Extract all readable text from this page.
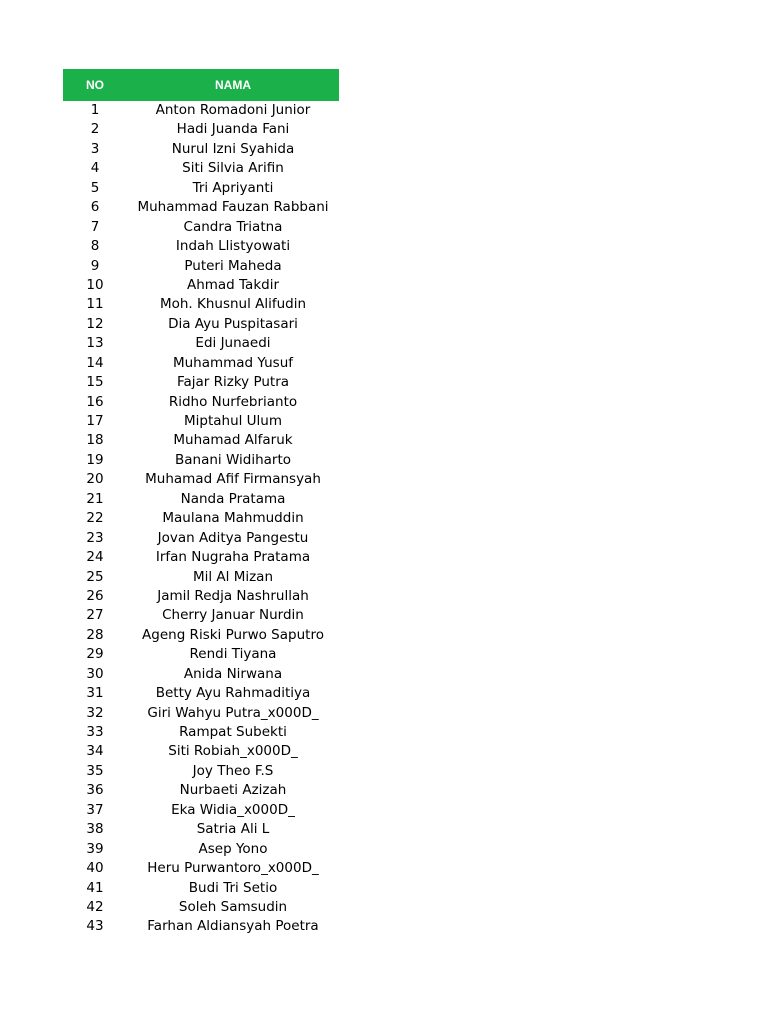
NO	NAMA
1	Anton Romadoni Junior
2	Hadi Juanda Fani
3	Nurul Izni Syahida
4	Siti Silvia Arifin
5	Tri Apriyanti
6	Muhammad Fauzan Rabbani
7	Candra Triatna
8	Indah Llistyowati
9	Puteri Maheda
10	Ahmad Takdir
11	Moh. Khusnul Alifudin
12	Dia Ayu Puspitasari
13	Edi Junaedi
14	Muhammad Yusuf
15	Fajar Rizky Putra
16	Ridho Nurfebrianto
17	Miptahul Ulum
18	Muhamad Alfaruk
19	Banani Widiharto
20	Muhamad Afif Firmansyah
21	Nanda Pratama
22	Maulana Mahmuddin
23	Jovan Aditya Pangestu
24	Irfan Nugraha Pratama
25	Mil Al Mizan
26	Jamil Redja Nashrullah
27	Cherry Januar Nurdin
28	Ageng Riski Purwo Saputro
29	Rendi Tiyana
30	Anida Nirwana
31	Betty Ayu Rahmaditiya
32	Giri Wahyu Putra_x000D_
33	Rampat Subekti
34	Siti Robiah_x000D_
35	Joy Theo F.S
36	Nurbaeti Azizah
37	Eka Widia_x000D_
38	Satria Ali L
39	Asep Yono
40	Heru Purwantoro_x000D_
41	Budi Tri Setio
42	Soleh Samsudin
43	Farhan Aldiansyah Poetra
